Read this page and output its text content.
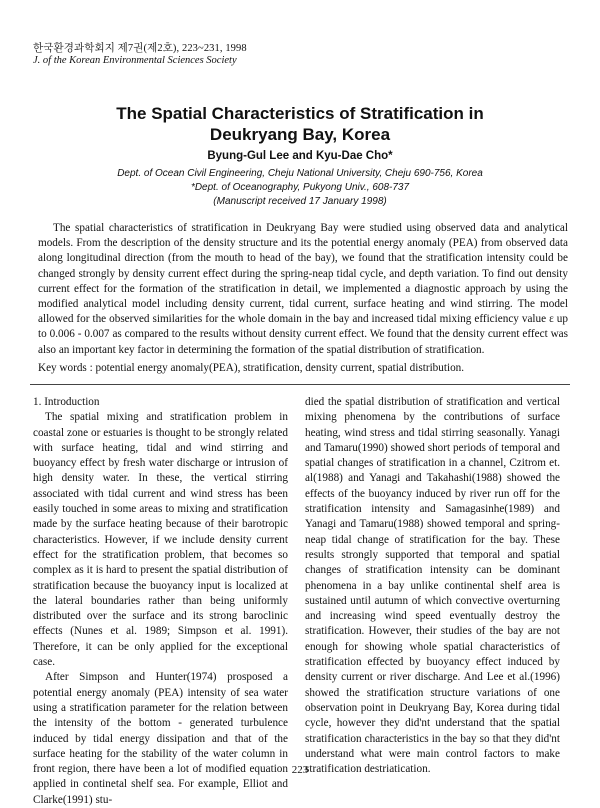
한국환경과학회지 제7권(제2호), 223~231, 1998
J. of the Korean Environmental Sciences Society
The Spatial Characteristics of Stratification in
Deukryang Bay, Korea
Byung-Gul Lee and Kyu-Dae Cho*
Dept. of Ocean Civil Engineering, Cheju National University, Cheju 690-756, Korea
*Dept. of Oceanography, Pukyong Univ., 608-737
(Manuscript received 17 January 1998)
The spatial characteristics of stratification in Deukryang Bay were studied using observed data and analytical models. From the description of the density structure and its the potential energy anomaly (PEA) from observed data along longitudinal direction (from the mouth to head of the bay), we found that the stratification intensity could be changed strongly by density current effect during the spring-neap tidal cycle, and depth variation. To find out density current effect for the formation of the stratification in detail, we implemented a diagnostic approach by using the modified analytical model including density current, tidal current, surface heating and wind stirring. The model allowed for the observed similarities for the whole domain in the bay and increased tidal mixing efficiency value ε up to 0.006 - 0.007 as compared to the results without density current effect. We found that the density current effect was also an important key factor in determining the formation of the spatial distribution of stratification.
Key words : potential energy anomaly(PEA), stratification, density current, spatial distribution.

1. Introduction

The spatial mixing and stratification problem in coastal zone or estuaries is thought to be strongly related with surface heating, tidal and wind stirring and buoyancy effect by fresh water discharge or intrusion of high density water. In these, the vertical stirring associated with tidal current and wind stress has been easily touched in some areas to mixing and stratification made by the surface heating because of their barotropic characteristics. However, if we include density current effect for the stratification problem, that becomes so complex as it is hard to present the spatial distribution of stratification because the buoyancy input is localized at the lateral boundaries rather than being uniformly distributed over the surface and its strong baroclinic effects (Nunes et al. 1989; Simpson et al. 1991). Therefore, it can be only applied for the exceptional case.

After Simpson and Hunter(1974) prosposed a potential energy anomaly (PEA) intensity of sea water using a stratification parameter for the relation between the intensity of the bottom - generated turbulence induced by tidal energy dissipation and that of the surface heating for the stability of the water column in front region, there have been a lot of modified equation applied in continetal shelf sea. For example, Elliot and Clarke(1991) stu-

died the spatial distribution of stratification and vertical mixing phenomena by the contributions of surface heating, wind stress and tidal stirring seasonally. Yanagi and Tamaru(1990) showed short periods of temporal and spatial changes of stratification in a channel, Czitrom et. al(1988) and Yanagi and Takahashi(1988) showed the effects of the buoyancy induced by river run off for the stratification intensity and Samagasinhe(1989) and Yanagi and Tamaru(1988) showed temporal and spring-neap tidal change of stratification for the bay. These results strongly supported that temporal and spatial changes of stratification intensity can be dominant phenomena in a bay unlike continental shelf area is sustained until autumn of which convective overturning and increasing wind speed eventually destroy the stratification. However, their studies of the bay are not enough for showing whole spatial characteristics of stratification effected by buoyancy effect induced by density current or river discharge. And Lee et al.(1996) showed the stratification structure variations of one observation point in Deukryang Bay, Korea during tidal cycle, however they did'nt understand that the spatial stratification characteristics in the bay so that they did'nt understand what were main control factors to make stratification destriatication.

223
